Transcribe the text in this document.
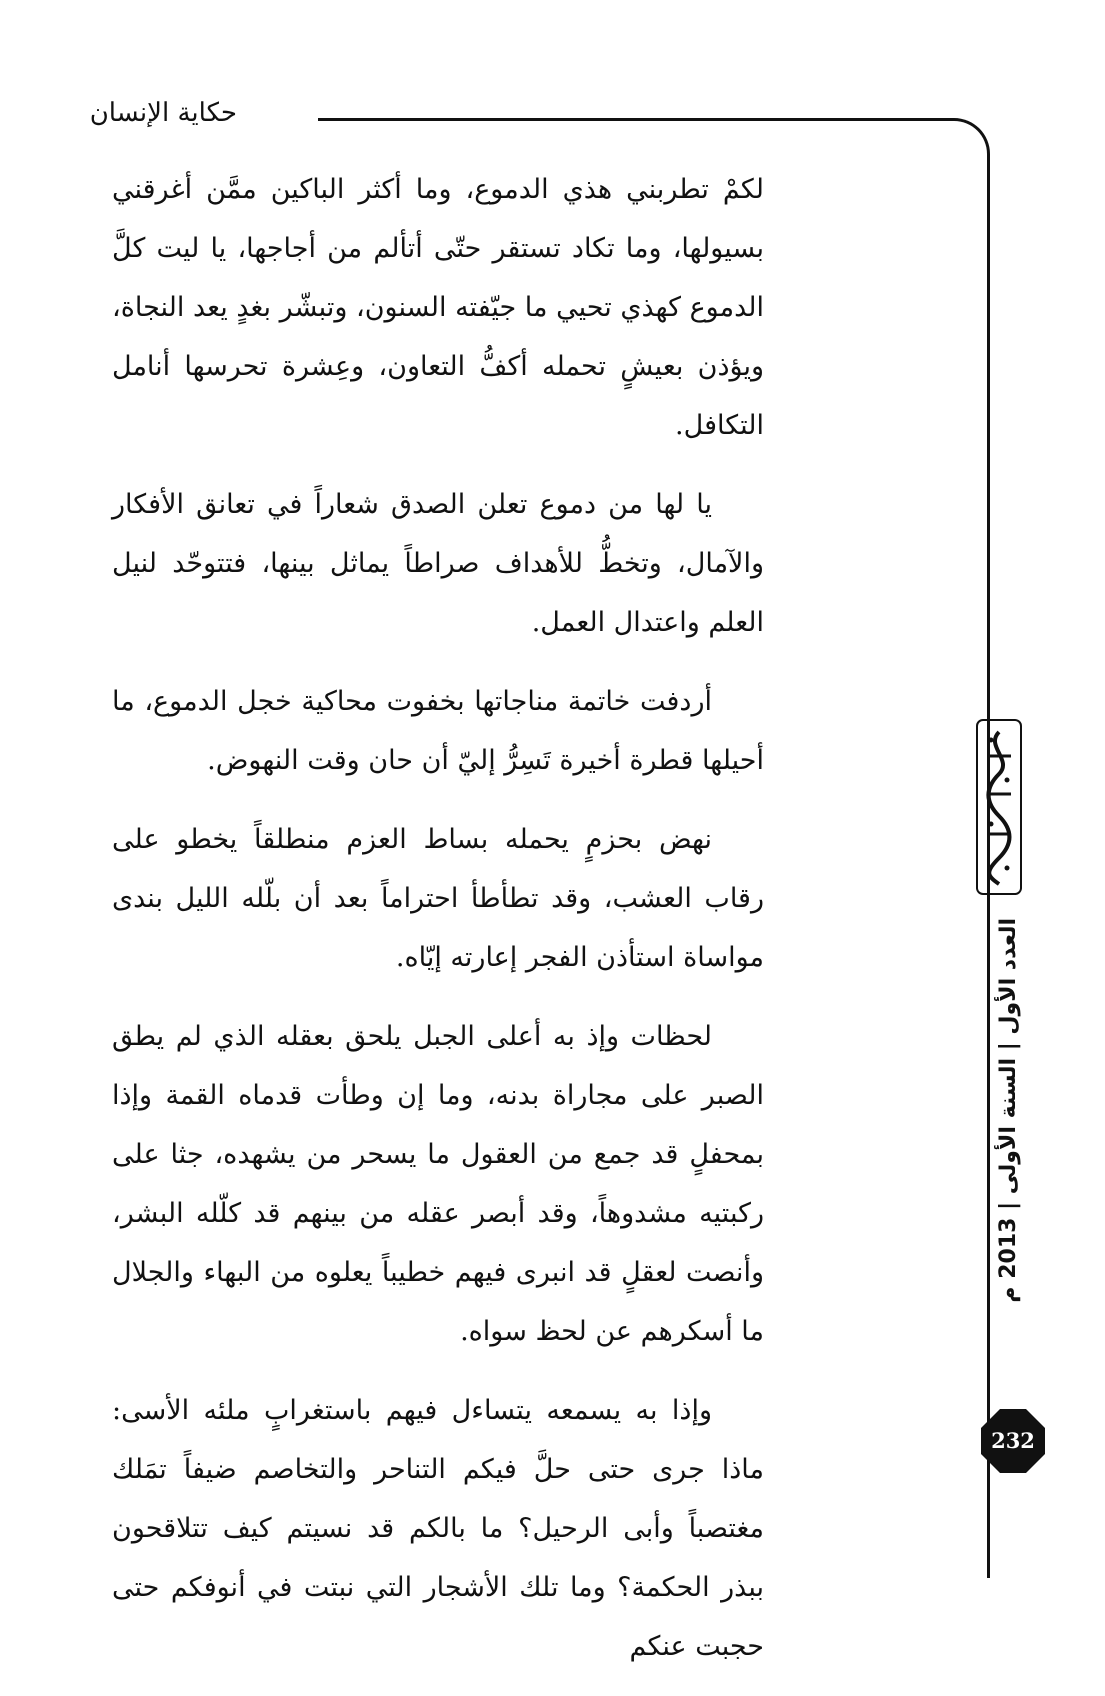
حكاية الإنسان

لكمْ تطربني هذي الدموع، وما أكثر الباكين ممَّن أغرقني بسيولها، وما تكاد تستقر حتّى أتألم من أجاجها، يا ليت كلَّ الدموع كهذي تحيي ما جيّفته السنون، وتبشّر بغدٍ يعد النجاة، ويؤذن بعيشٍ تحمله أكفُّ التعاون، وعِشرة تحرسها أنامل التكافل.

يا لها من دموع تعلن الصدق شعاراً في تعانق الأفكار والآمال، وتخطُّ للأهداف صراطاً يماثل بينها، فتتوحّد لنيل العلم واعتدال العمل.

أردفت خاتمة مناجاتها بخفوت محاكية خجل الدموع، ما أحيلها قطرة أخيرة تَسِرُّ إليّ أن حان وقت النهوض.

نهض بحزمٍ يحمله بساط العزم منطلقاً يخطو على رقاب العشب، وقد تطأطأ احتراماً بعد أن بلّله الليل بندى مواساة استأذن الفجر إعارته إيّاه.

لحظات وإذ به أعلى الجبل يلحق بعقله الذي لم يطق الصبر على مجاراة بدنه، وما إن وطأت قدماه القمة وإذا بمحفلٍ قد جمع من العقول ما يسحر من يشهده، جثا على ركبتيه مشدوهاً، وقد أبصر عقله من بينهم قد كلّله البشر، وأنصت لعقلٍ قد انبرى فيهم خطيباً يعلوه من البهاء والجلال ما أسكرهم عن لحظ سواه.

وإذا به يسمعه يتساءل فيهم باستغرابٍ ملئه الأسى: ماذا جرى حتى حلَّ فيكم التناحر والتخاصم ضيفاً تمَلك مغتصباً وأبى الرحيل؟ ما بالكم قد نسيتم كيف تتلاقحون ببذر الحكمة؟ وما تلك الأشجار التي نبتت في أنوفكم حتى حجبت عنكم

العدد الأول | السنة الأولى | 2013 م
232
